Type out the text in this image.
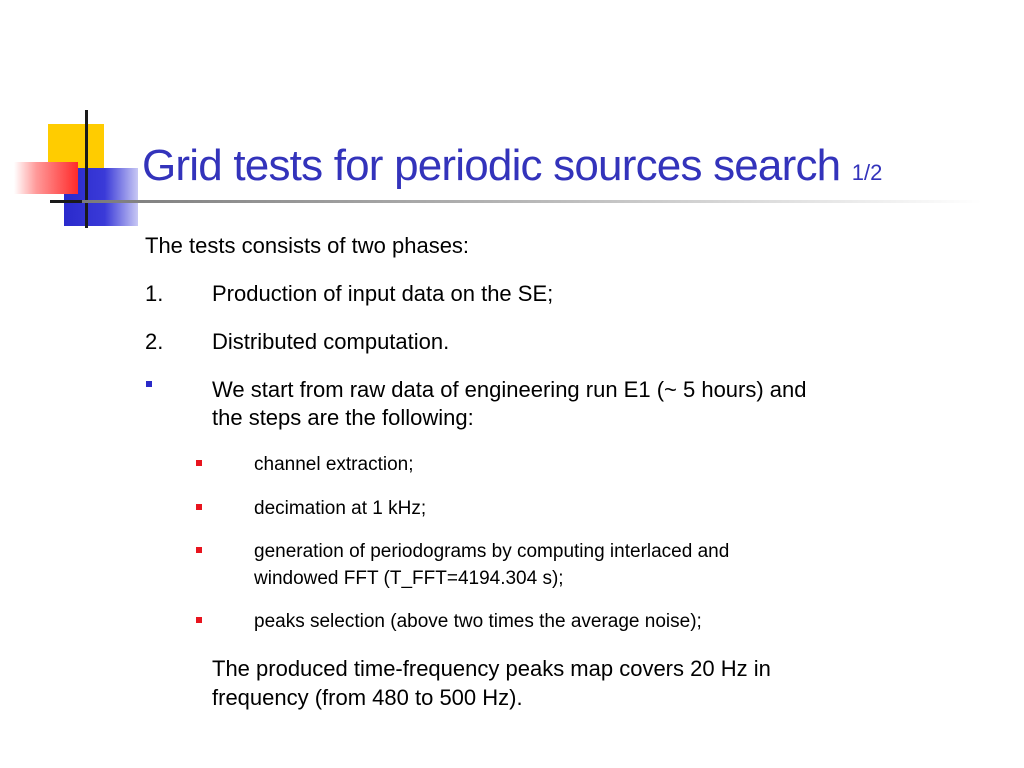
Grid tests for periodic sources search 1/2
The tests consists of two phases:
1. Production of input data on the SE;
2. Distributed computation.
We start from raw data of engineering run E1 (~ 5 hours) and
the steps are the following:
channel extraction;
decimation at 1 kHz;
generation of periodograms by computing interlaced and
windowed FFT (T_FFT=4194.304 s);
peaks selection (above two times the average noise);
The produced time-frequency peaks map covers 20 Hz in
frequency (from 480 to 500 Hz).
